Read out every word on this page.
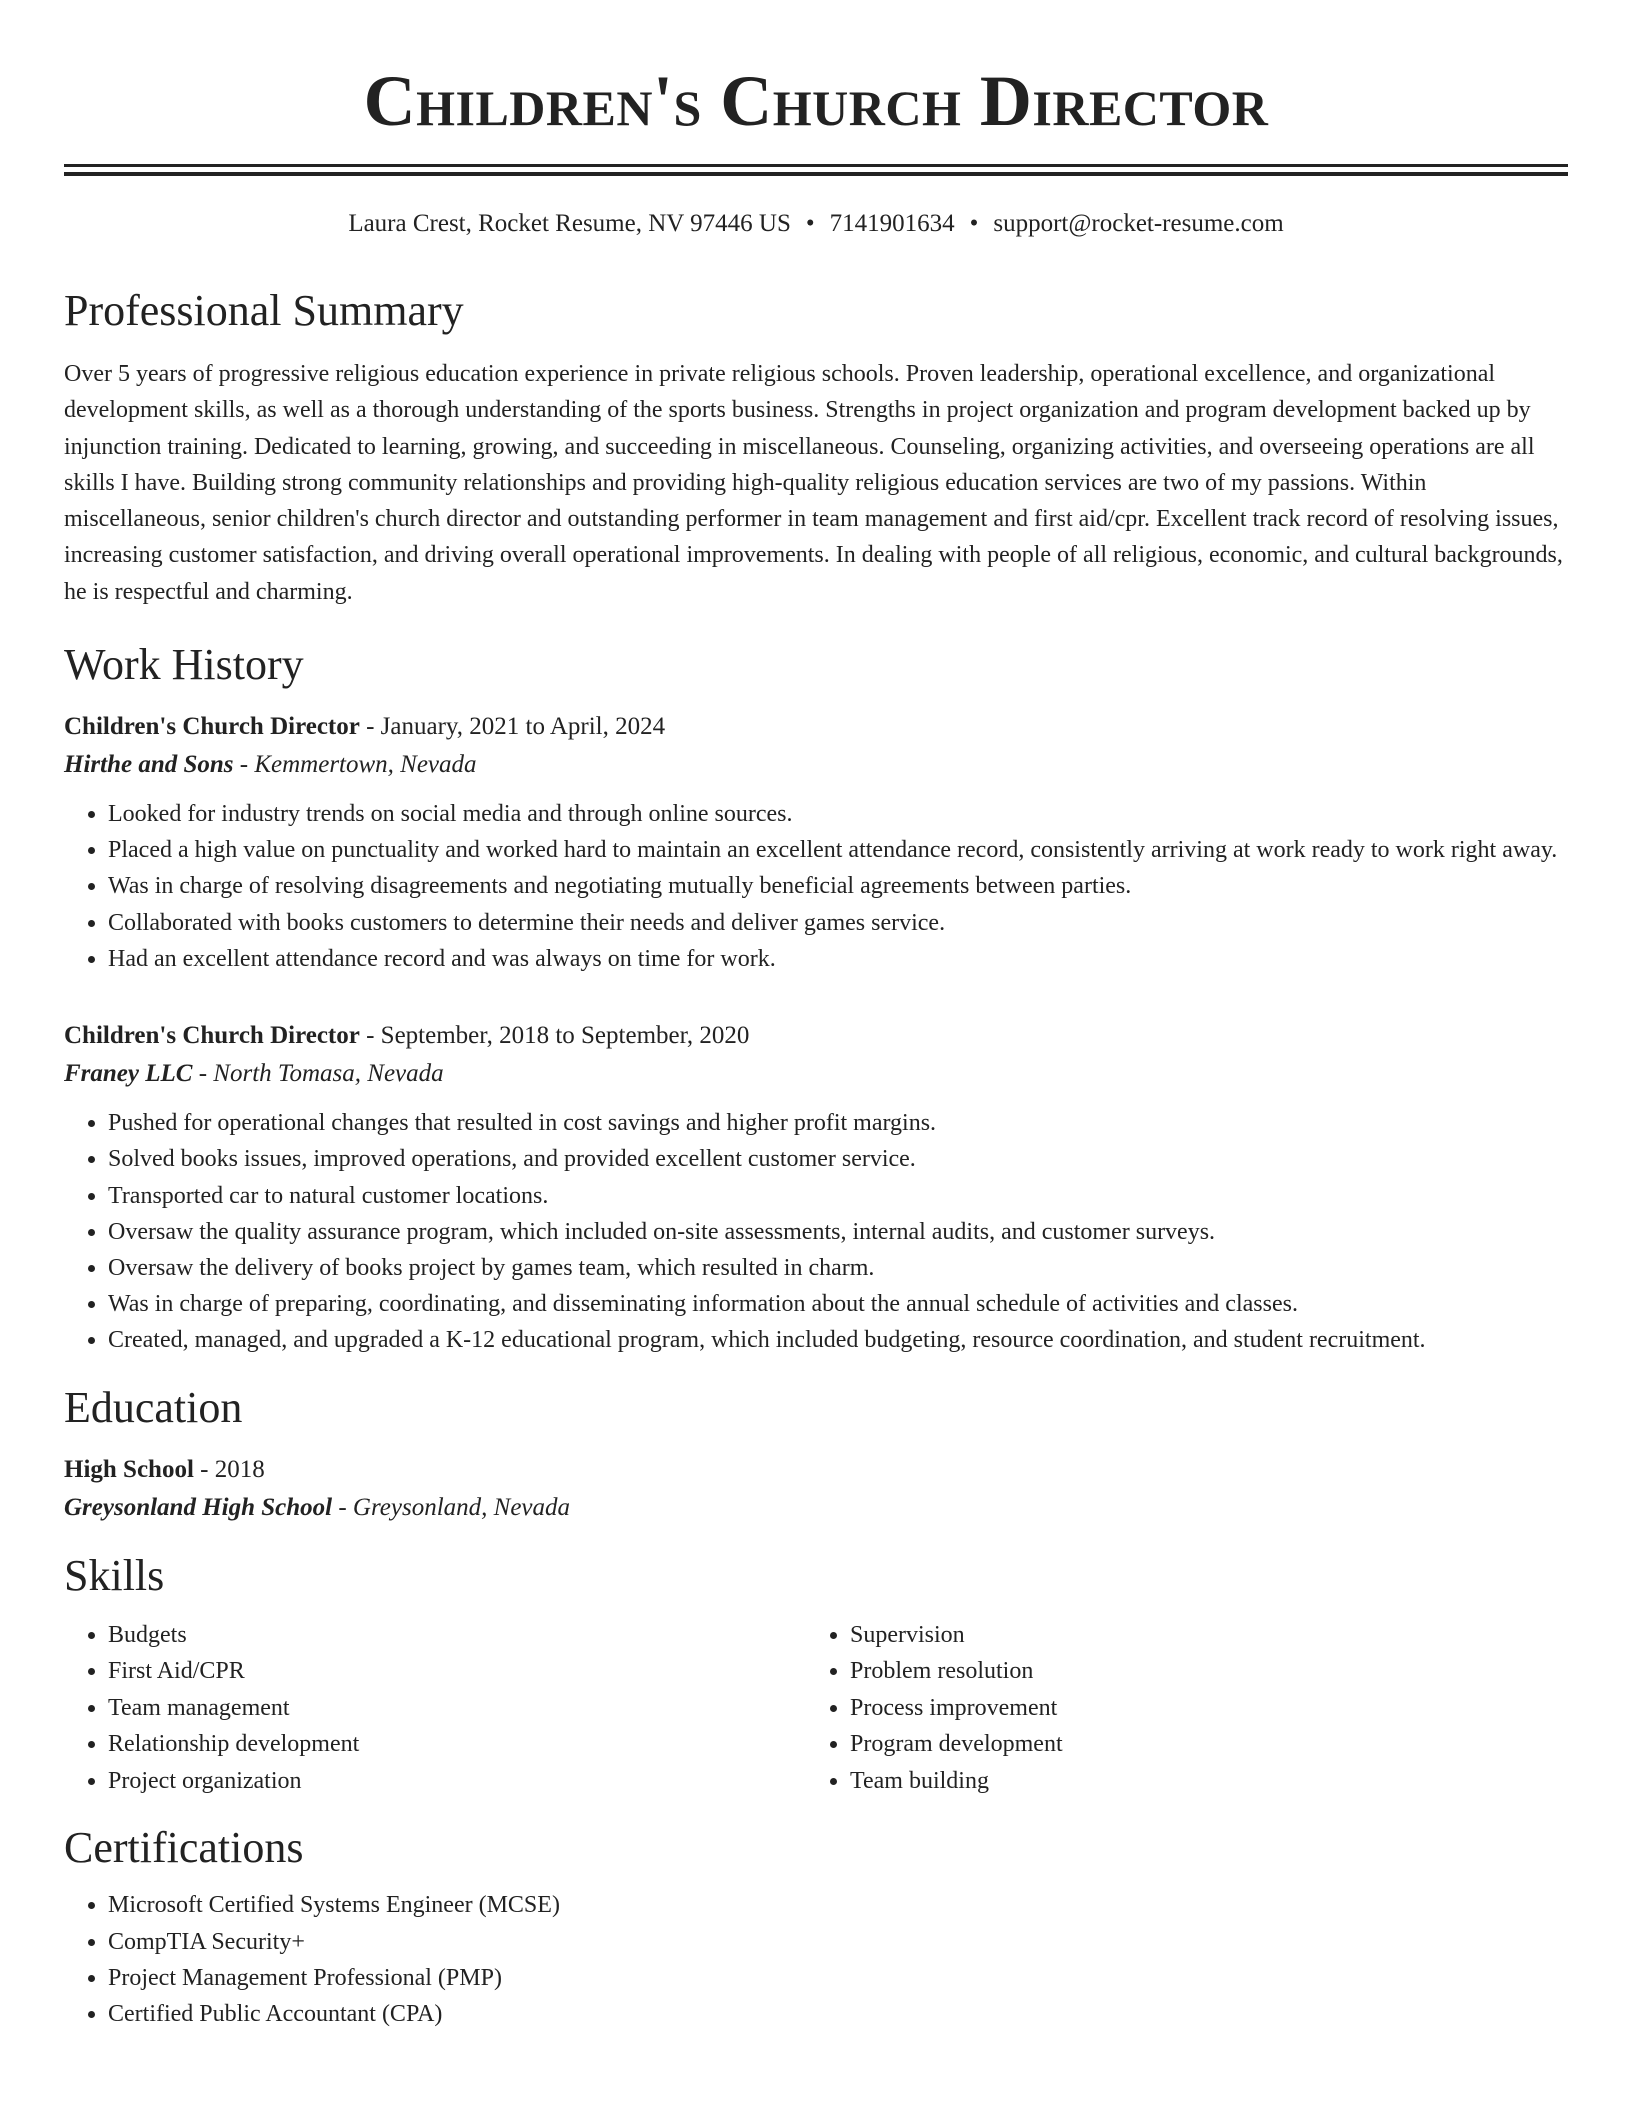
Children's Church Director
Laura Crest, Rocket Resume, NV 97446 US • 7141901634 • support@rocket-resume.com
Professional Summary

Over 5 years of progressive religious education experience in private religious schools. Proven leadership, operational excellence, and organizational development skills, as well as a thorough understanding of the sports business. Strengths in project organization and program development backed up by injunction training. Dedicated to learning, growing, and succeeding in miscellaneous. Counseling, organizing activities, and overseeing operations are all skills I have. Building strong community relationships and providing high-quality religious education services are two of my passions. Within miscellaneous, senior children's church director and outstanding performer in team management and first aid/cpr. Excellent track record of resolving issues, increasing customer satisfaction, and driving overall operational improvements. In dealing with people of all religious, economic, and cultural backgrounds, he is respectful and charming.

Work History
Children's Church Director - January, 2021 to April, 2024
Hirthe and Sons - Kemmertown, Nevada
• Looked for industry trends on social media and through online sources.
• Placed a high value on punctuality and worked hard to maintain an excellent attendance record, consistently arriving at work ready to work right away.
• Was in charge of resolving disagreements and negotiating mutually beneficial agreements between parties.
• Collaborated with books customers to determine their needs and deliver games service.
• Had an excellent attendance record and was always on time for work.
Children's Church Director - September, 2018 to September, 2020
Franey LLC - North Tomasa, Nevada
• Pushed for operational changes that resulted in cost savings and higher profit margins.
• Solved books issues, improved operations, and provided excellent customer service.
• Transported car to natural customer locations.
• Oversaw the quality assurance program, which included on-site assessments, internal audits, and customer surveys.
• Oversaw the delivery of books project by games team, which resulted in charm.
• Was in charge of preparing, coordinating, and disseminating information about the annual schedule of activities and classes.
• Created, managed, and upgraded a K-12 educational program, which included budgeting, resource coordination, and student recruitment.
Education
High School - 2018
Greysonland High School - Greysonland, Nevada
Skills
• Budgets
• First Aid/CPR
• Team management
• Relationship development
• Project organization
• Supervision
• Problem resolution
• Process improvement
• Program development
• Team building
Certifications
• Microsoft Certified Systems Engineer (MCSE)
• CompTIA Security+
• Project Management Professional (PMP)
• Certified Public Accountant (CPA)
